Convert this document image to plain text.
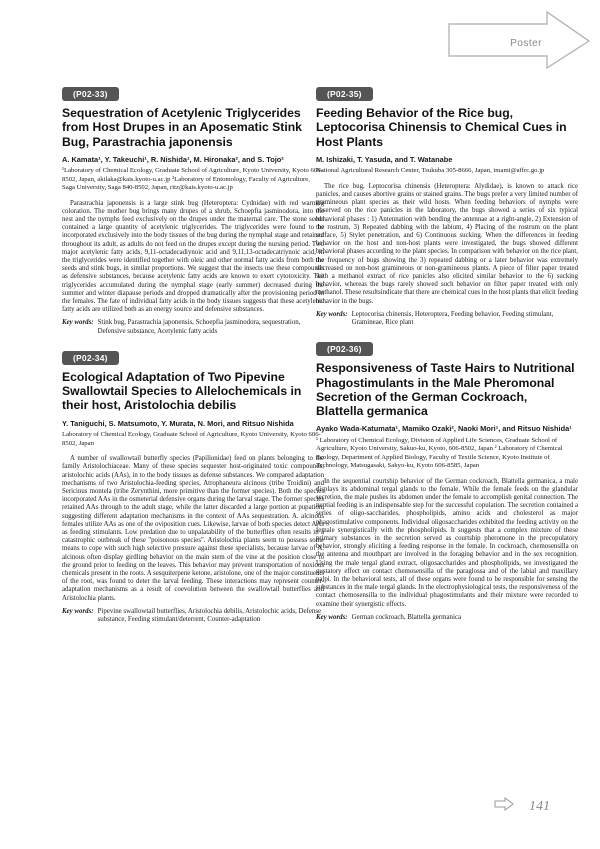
Poster
(P02-33)
Sequestration of Acetylenic Triglycerides from Host Drupes in an Aposematic Stink Bug, Parastrachia japonensis
A. Kamata¹, Y. Takeuchi¹, R. Nishida¹, M. Hironaka², and S. Tojo²
¹Laboratory of Chemical Ecology, Graduate School of Agriculture, Kyoto University, Kyoto 606-8502, Japan, akilaka@kais.kyoto-u.ac.jp ²Laboratory of Entomology, Faculty of Agriculture, Saga University, Saga 840-8502, Japan, ritz@kais.kyoto-u.ac.jp

Parastrachia japonensis is a large stink bug (Heteroptera: Cydnidae) with red warning coloration. The mother bug brings many drupes of a shrub, Schoepfia jasminodora, into the nest and the nymphs feed exclusively on the drupes under the maternal care. The stone seeds contained a large quantity of acetylenic triglycerides. The triglycerides were found to be incorporated exclusively into the body tissues of the bug during the nymphal stage and retained throughout its adult, as adults do not feed on the drupes except during the nursing period. Two major acetylenic fatty acids, 9,11-octadecadiynoic acid and 9,11,13-octadecatriynoic acid, in the triglycerides were identified together with oleic and other normal fatty acids from both the seeds and stink bugs, in similar proportions. We suggest that the insects use these compounds as defensive substances, because acetylenic fatty acids are known to exert cytotoxicity. The triglycerides accumulated during the nymphal stage (early summer) decreased during the summer and winter diapause periods and dropped dramatically after the provisioning period in the females. The fate of individual fatty acids in the body tissues suggests that these acetylenic fatty acids are utilized both as an energy source and defensive substances.

Key words: Stink bug, Parastrachia japonensis, Schoepfia jasminodora, sequestration, Defensive substance, Acetylenic fatty acids
(P02-34)
Ecological Adaptation of Two Pipevine Swallowtail Species to Allelochemicals in their host, Aristolochia debilis
Y. Taniguchi, S. Matsumoto, Y. Murata, N. Mori, and Ritsuo Nishida
Laboratory of Chemical Ecology, Graduate School of Agriculture, Kyoto University, Kyoto 606-8502, Japan

A number of swallowtail butterfly species (Papilionidae) feed on plants belonging to the family Aristolochiaceae. Many of these species sequester host-originated toxic compounds, aristolochic acids (AAs), in to the body tissues as defense substances. We compared adaptation mechanisms of two Aristolochia-feeding species, Atrophaneura alcinous (tribe Troidini) and Sericinus montela (tribe Zerynthini, more primitive than the former species). Both the species incorporated AAs in the osmeterial defensive organs during the larval stage. The former species retained AAs through to the adult stage, while the latter discarded a large portion at pupation, suggesting different adaptation mechanisms in the context of AAs sequestration. A. alcinous females utilize AAs as one of the oviposition cues. Likewise, larvae of both species detect AAs as feeding stimulants. Low predation due to unpalatability of the butterflies often results in a catastrophic outbreak of these "poisonous species". Aristolochia plants seem to possess some means to cope with such high selective pressure against these specialists, because larvae of A. alcinous often display girdling behavior on the main stem of the vine at the position close to the ground prior to feeding on the leaves. This behavior may prevent transportation of noxious chemicals present in the roots. A sesquiterpene ketone, aristolone, one of the major constituents of the root, was found to deter the larval feeding. These interactions may represent counter-adaptation mechanisms as a result of coevolution between the swallowtail butterflies and Aristolochia plants.

Key words: Pipevine swallowtail butterflies, Aristolochia debilis, Aristolochic acids, Defense substance, Feeding stimulant/deterrent, Counter-adaptation
(P02-35)
Feeding Behavior of the Rice bug, Leptocorisa Chinensis to Chemical Cues in Host Plants
M. Ishizaki, T. Yasuda, and T. Watanabe
National Agricultural Research Center, Tsukuba 305-8666, Japan, imami@affrc.go.jp

The rice bug, Leptocorisa chinensis (Heteroptera: Alydidae), is known to attack rice panicles, and causes abortive grains or stained grains. The bugs prefer a very limited number of gramineous plant species as their wild hosts. When feeding behaviors of nymphs were observed on the rice panicles in the laboratory, the bugs showed a series of six typical behavioral phases : 1) Antennation with bending the antennae at a right-angle, 2) Extension of the rostrum, 3) Repeated dabbing with the labium, 4) Placing of the rostrum on the plant surface, 5) Stylet penetration, and 6) Continuous sucking. When the differences in feeding behavior on the host and non-host plants were investigated, the bugs showed different behavioral phases according to the plant species. In comparison with behavior on the rice plant, the frequency of bugs showing the 3) repeated dabbing or a later behavior was extremely decreased on non-host gramineous or non-gramineous plants. A piece of filter paper treated with a methanol extract of rice panicles also elicited similar behavior to the 6) sucking behavior, whereas the bugs rarely showed such behavior on filter paper treated with only methanol. These resultsindicate that there are chemical cues in the host plants that elicit feeding behavior in the bugs.

Key words: Leptocorisa chinensis, Heteroptera, Feeding behavior, Feeding stimulant, Gramineae, Rice plant
(P02-36)
Responsiveness of Taste Hairs to Nutritional Phagostimulants in the Male Pheromonal Secretion of the German Cockroach, Blattella germanica
Ayako Wada-Katumata¹, Mamiko Ozaki², Naoki Mori¹, and Ritsuo Nishida¹
¹ Laboratory of Chemical Ecology, Division of Applied Life Sciences, Graduate School of Agriculture, Kyoto University, Sakuo-ku, Kyoto, 606-8502, Japan ² Laboratory of Chemical Ecology, Department of Applied Biology, Faculty of Textile Science, Kyoto Institute of Technology, Matsugasaki, Sakyo-ku, Kyoto 606-8585, Japan

In the sequential courtship behavior of the German cockroach, Blattella germanica, a male displays its abdominal tergal glands to the female. While the female feeds on the glandular secretion, the male pushes its abdomen under the female to accomplish genital connection. The nuptial feeding is an indispensable step for the successful copulation. The secretion contained a series of oligo-saccharides, phospholipids, amino acids and cholesterol as major phagostimulative components. Individual oligosaccharides exhibited the feeding activity on the female synergistically with the phospholipids. It suggests that a complex mixture of these primary substances in the secretion served as courtship pheromone in the precopulatory behavior, strongly eliciting a feeding response in the female. In cockroach, chemosensilla on the antenna and mouthpart are involved in the foraging behavior and in the sex recognition. Using the male tergal gland extract, oligosaccharides and phospholipids, we investigated the gustatory effect on contact chemosensilla of the paraglossa and of the labial and maxillary palpi. In the behavioral tests, all of these organs were found to be responsible for sensing the substances in the male tergal glands. In the electrophysiological tests, the responsiveness of the contact chemosensilla to the individual phagostimulants and their mixture were recorded to examine their synergistic effects.

Key words: German cockroach, Blattella germanica
141
